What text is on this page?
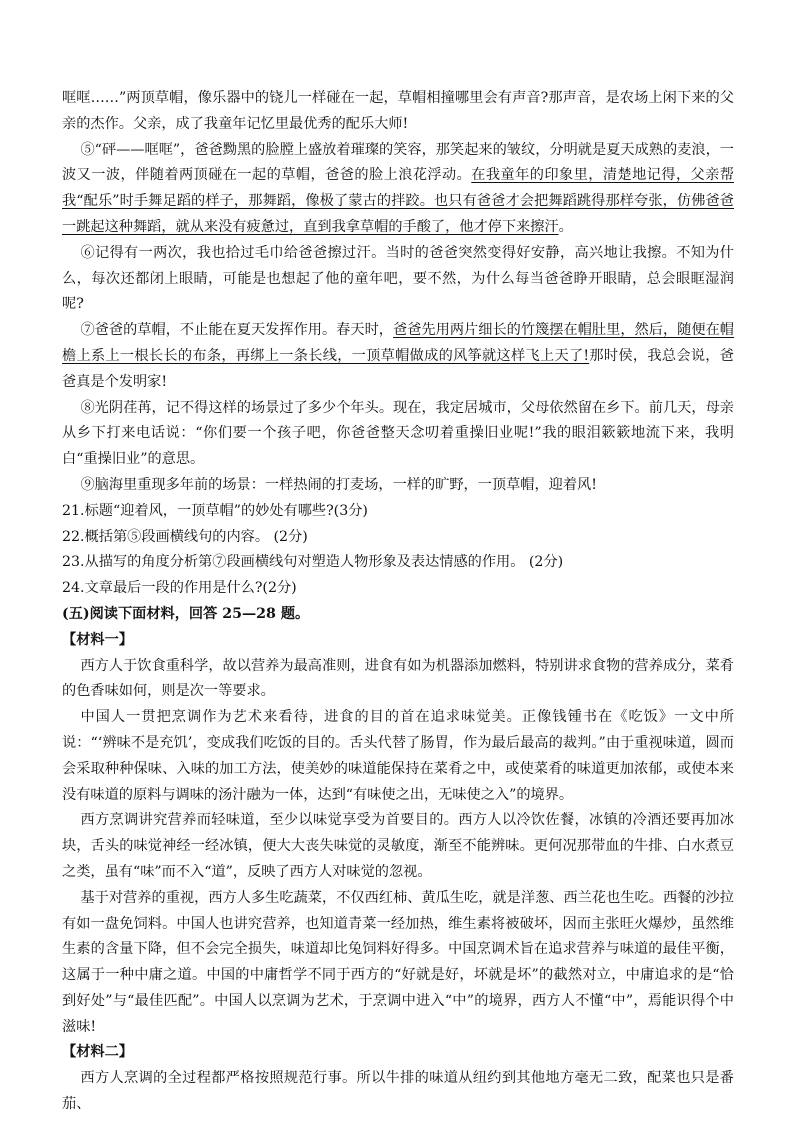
哐哐……”两顶草帽，像乐器中的铙儿一样碰在一起，草帽相撞哪里会有声音?那声音，是农场上闲下来的父亲的杰作。父亲，成了我童年记忆里最优秀的配乐大师!

⑤“砰——哐哐”，爸爸黝黑的脸膛上盛放着璀璨的笑容，那笑起来的皱纹，分明就是夏天成熟的麦浪，一波又一波，伴随着两顶碰在一起的草帽，爸爸的脸上浪花浮动。在我童年的印象里，清楚地记得，父亲帮我“配乐”时手舞足蹈的样子，那舞蹈，像极了蒙古的拌跤。也只有爸爸才会把舞蹈跳得那样夸张，仿佛爸爸一跳起这种舞蹈，就从来没有疲惫过，直到我拿草帽的手酸了，他才停下来擦汗。

⑥记得有一两次，我也拾过毛巾给爸爸擦过汗。当时的爸爸突然变得好安静，高兴地让我擦。不知为什么，每次还都闭上眼睛，可能是也想起了他的童年吧，要不然，为什么每当爸爸睁开眼睛，总会眼眶湿润呢?

⑦爸爸的草帽，不止能在夏天发挥作用。春天时，爸爸先用两片细长的竹篾摆在帽肚里，然后，随便在帽檐上系上一根长长的布条，再绑上一条长线，一顶草帽做成的风筝就这样飞上天了!那时侯，我总会说，爸爸真是个发明家!

⑧光阴荏苒，记不得这样的场景过了多少个年头。现在，我定居城市，父母依然留在乡下。前几天，母亲从乡下打来电话说：“你们要一个孩子吧，你爸爸整天念叨着重操旧业呢!”我的眼泪簌簌地流下来，我明白“重操旧业”的意思。

⑨脑海里重现多年前的场景：一样热闹的打麦场，一样的旷野，一顶草帽，迎着风!

21.标题“迎着风，一顶草帽”的妙处有哪些?(3分)

22.概括第⑤段画横线句的内容。 (2分)

23.从描写的角度分析第⑦段画横线句对塑造人物形象及表达情感的作用。 (2分)

24.文章最后一段的作用是什么?(2分)

(五)阅读下面材料，回答 25—28 题。

【材料一】

西方人于饮食重科学，故以营养为最高准则，进食有如为机器添加燃料，特别讲求食物的营养成分，菜肴的色香味如何，则是次一等要求。

中国人一贯把烹调作为艺术来看待，进食的目的首在追求味觉美。正像钱锺书在《吃饭》一文中所说：“‘辨味不是充饥’，变成我们吃饭的目的。舌头代替了肠胃，作为最后最高的裁判。”由于重视味道，圆而会采取种种保味、入味的加工方法，使美妙的味道能保持在菜肴之中，或使菜肴的味道更加浓郁，或使本来没有味道的原料与调味的汤汁融为一体，达到“有味使之出，无味使之入”的境界。

西方烹调讲究营养而轻味道，至少以味觉享受为首要目的。西方人以冷饮佐餐，冰镇的冷酒还要再加冰块，舌头的味觉神经一经冰镇，便大大丧失味觉的灵敏度，渐至不能辨味。更何况那带血的牛排、白水煮豆之类，虽有“味”而不入“道”，反映了西方人对味觉的忽视。

基于对营养的重视，西方人多生吃蔬菜，不仅西红柿、黄瓜生吃，就是洋葱、西兰花也生吃。西餐的沙拉有如一盘免饲料。中国人也讲究营养，也知道青菜一经加热，维生素将被破坏，因而主张旺火爆炒，虽然维生素的含量下降，但不会完全损失，味道却比兔饲料好得多。中国烹调术旨在追求营养与味道的最佳平衡，这属于一种中庸之道。中国的中庸哲学不同于西方的“好就是好，坏就是坏”的截然对立，中庸追求的是“恰到好处”与“最佳匹配”。中国人以烹调为艺术，于烹调中进入“中”的境界，西方人不懂“中”，焉能识得个中滋味!

【材料二】

西方人烹调的全过程都严格按照规范行事。所以牛排的味道从纽约到其他地方毫无二致，配菜也只是番茄、
